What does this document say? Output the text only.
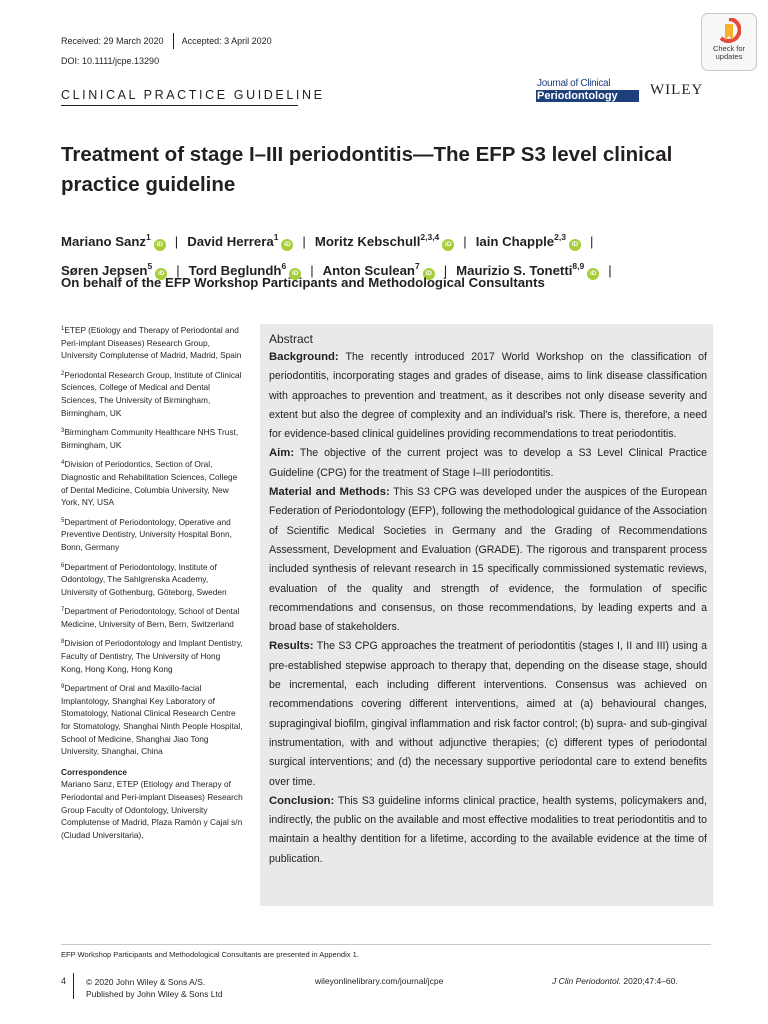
Received: 29 March 2020 Accepted: 3 April 2020
DOI: 10.1111/jcpe.13290
Check for
updates
CLINICAL PRACTICE GUIDELINE
Journal of Clinical
Periodontology	WILEY
Treatment of stage I–III periodontitis—The EFP S3 level clinical practice guideline
Mariano Sanz$^1$iD | David Herrera$^1$iD | Moritz Kebschull$^{2,3,4}$iD | Iain Chapple$^{2,3}$iD |
Søren Jepsen$^5$iD | Tord Beglundh$^6$iD | Anton Sculean$^7$iD | Maurizio S. Tonetti$^{8,9}$iD |
On behalf of the EFP Workshop Participants and Methodological Consultants

$^1$ETEP (Etiology and Therapy of Periodontal and Peri-implant Diseases) Research Group, University Complutense of Madrid, Madrid, Spain

$^2$Periodontal Research Group, Institute of Clinical Sciences, College of Medical and Dental Sciences, The University of Birmingham, Birmingham, UK

$^3$Birmingham Community Healthcare NHS Trust, Birmingham, UK

$^4$Division of Periodontics, Section of Oral, Diagnostic and Rehabilitation Sciences, College of Dental Medicine, Columbia University, New York, NY, USA

$^5$Department of Periodontology, Operative and Preventive Dentistry, University Hospital Bonn, Bonn, Germany

$^6$Department of Periodontology, Institute of Odontology, The Sahlgrenska Academy, University of Gothenburg, Göteborg, Sweden

$^7$Department of Periodontology, School of Dental Medicine, University of Bern, Bern, Switzerland

$^8$Division of Periodontology and Implant Dentistry, Faculty of Dentistry, The University of Hong Kong, Hong Kong, Hong Kong

$^9$Department of Oral and Maxillo-facial Implantology, Shanghai Key Laboratory of Stomatology, National Clinical Research Centre for Stomatology, Shanghai Ninth People Hospital, School of Medicine, Shanghai Jiao Tong University, Shanghai, China

Correspondence
Mariano Sanz, ETEP (Etiology and Therapy of Periodontal and Peri-implant Diseases) Research Group Faculty of Odontology, University Complutense of Madrid, Plaza Ramón y Cajal s/n (Ciudad Universitaria),
Abstract

Background: The recently introduced 2017 World Workshop on the classification of periodontitis, incorporating stages and grades of disease, aims to link disease classification with approaches to prevention and treatment, as it describes not only disease severity and extent but also the degree of complexity and an individual's risk. There is, therefore, a need for evidence-based clinical guidelines providing recommendations to treat periodontitis.

Aim: The objective of the current project was to develop a S3 Level Clinical Practice Guideline (CPG) for the treatment of Stage I–III periodontitis.

Material and Methods: This S3 CPG was developed under the auspices of the European Federation of Periodontology (EFP), following the methodological guidance of the Association of Scientific Medical Societies in Germany and the Grading of Recommendations Assessment, Development and Evaluation (GRADE). The rigorous and transparent process included synthesis of relevant research in 15 specifically commissioned systematic reviews, evaluation of the quality and strength of evidence, the formulation of specific recommendations and consensus, on those recommendations, by leading experts and a broad base of stakeholders.

Results: The S3 CPG approaches the treatment of periodontitis (stages I, II and III) using a pre-established stepwise approach to therapy that, depending on the disease stage, should be incremental, each including different interventions. Consensus was achieved on recommendations covering different interventions, aimed at (a) behavioural changes, supragingival biofilm, gingival inflammation and risk factor control; (b) supra- and sub-gingival instrumentation, with and without adjunctive therapies; (c) different types of periodontal surgical interventions; and (d) the necessary supportive periodontal care to extend benefits over time.

Conclusion: This S3 guideline informs clinical practice, health systems, policymakers and, indirectly, the public on the available and most effective modalities to treat periodontitis and to maintain a healthy dentition for a lifetime, according to the available evidence at the time of publication.

EFP Workshop Participants and Methodological Consultants are presented in Appendix 1.
4 © 2020 John Wiley & Sons A/S.
Published by John Wiley & Sons Ltd
wileyonlinelibrary.com/journal/jcpe	J Clin Periodontol. 2020;47:4–60.
